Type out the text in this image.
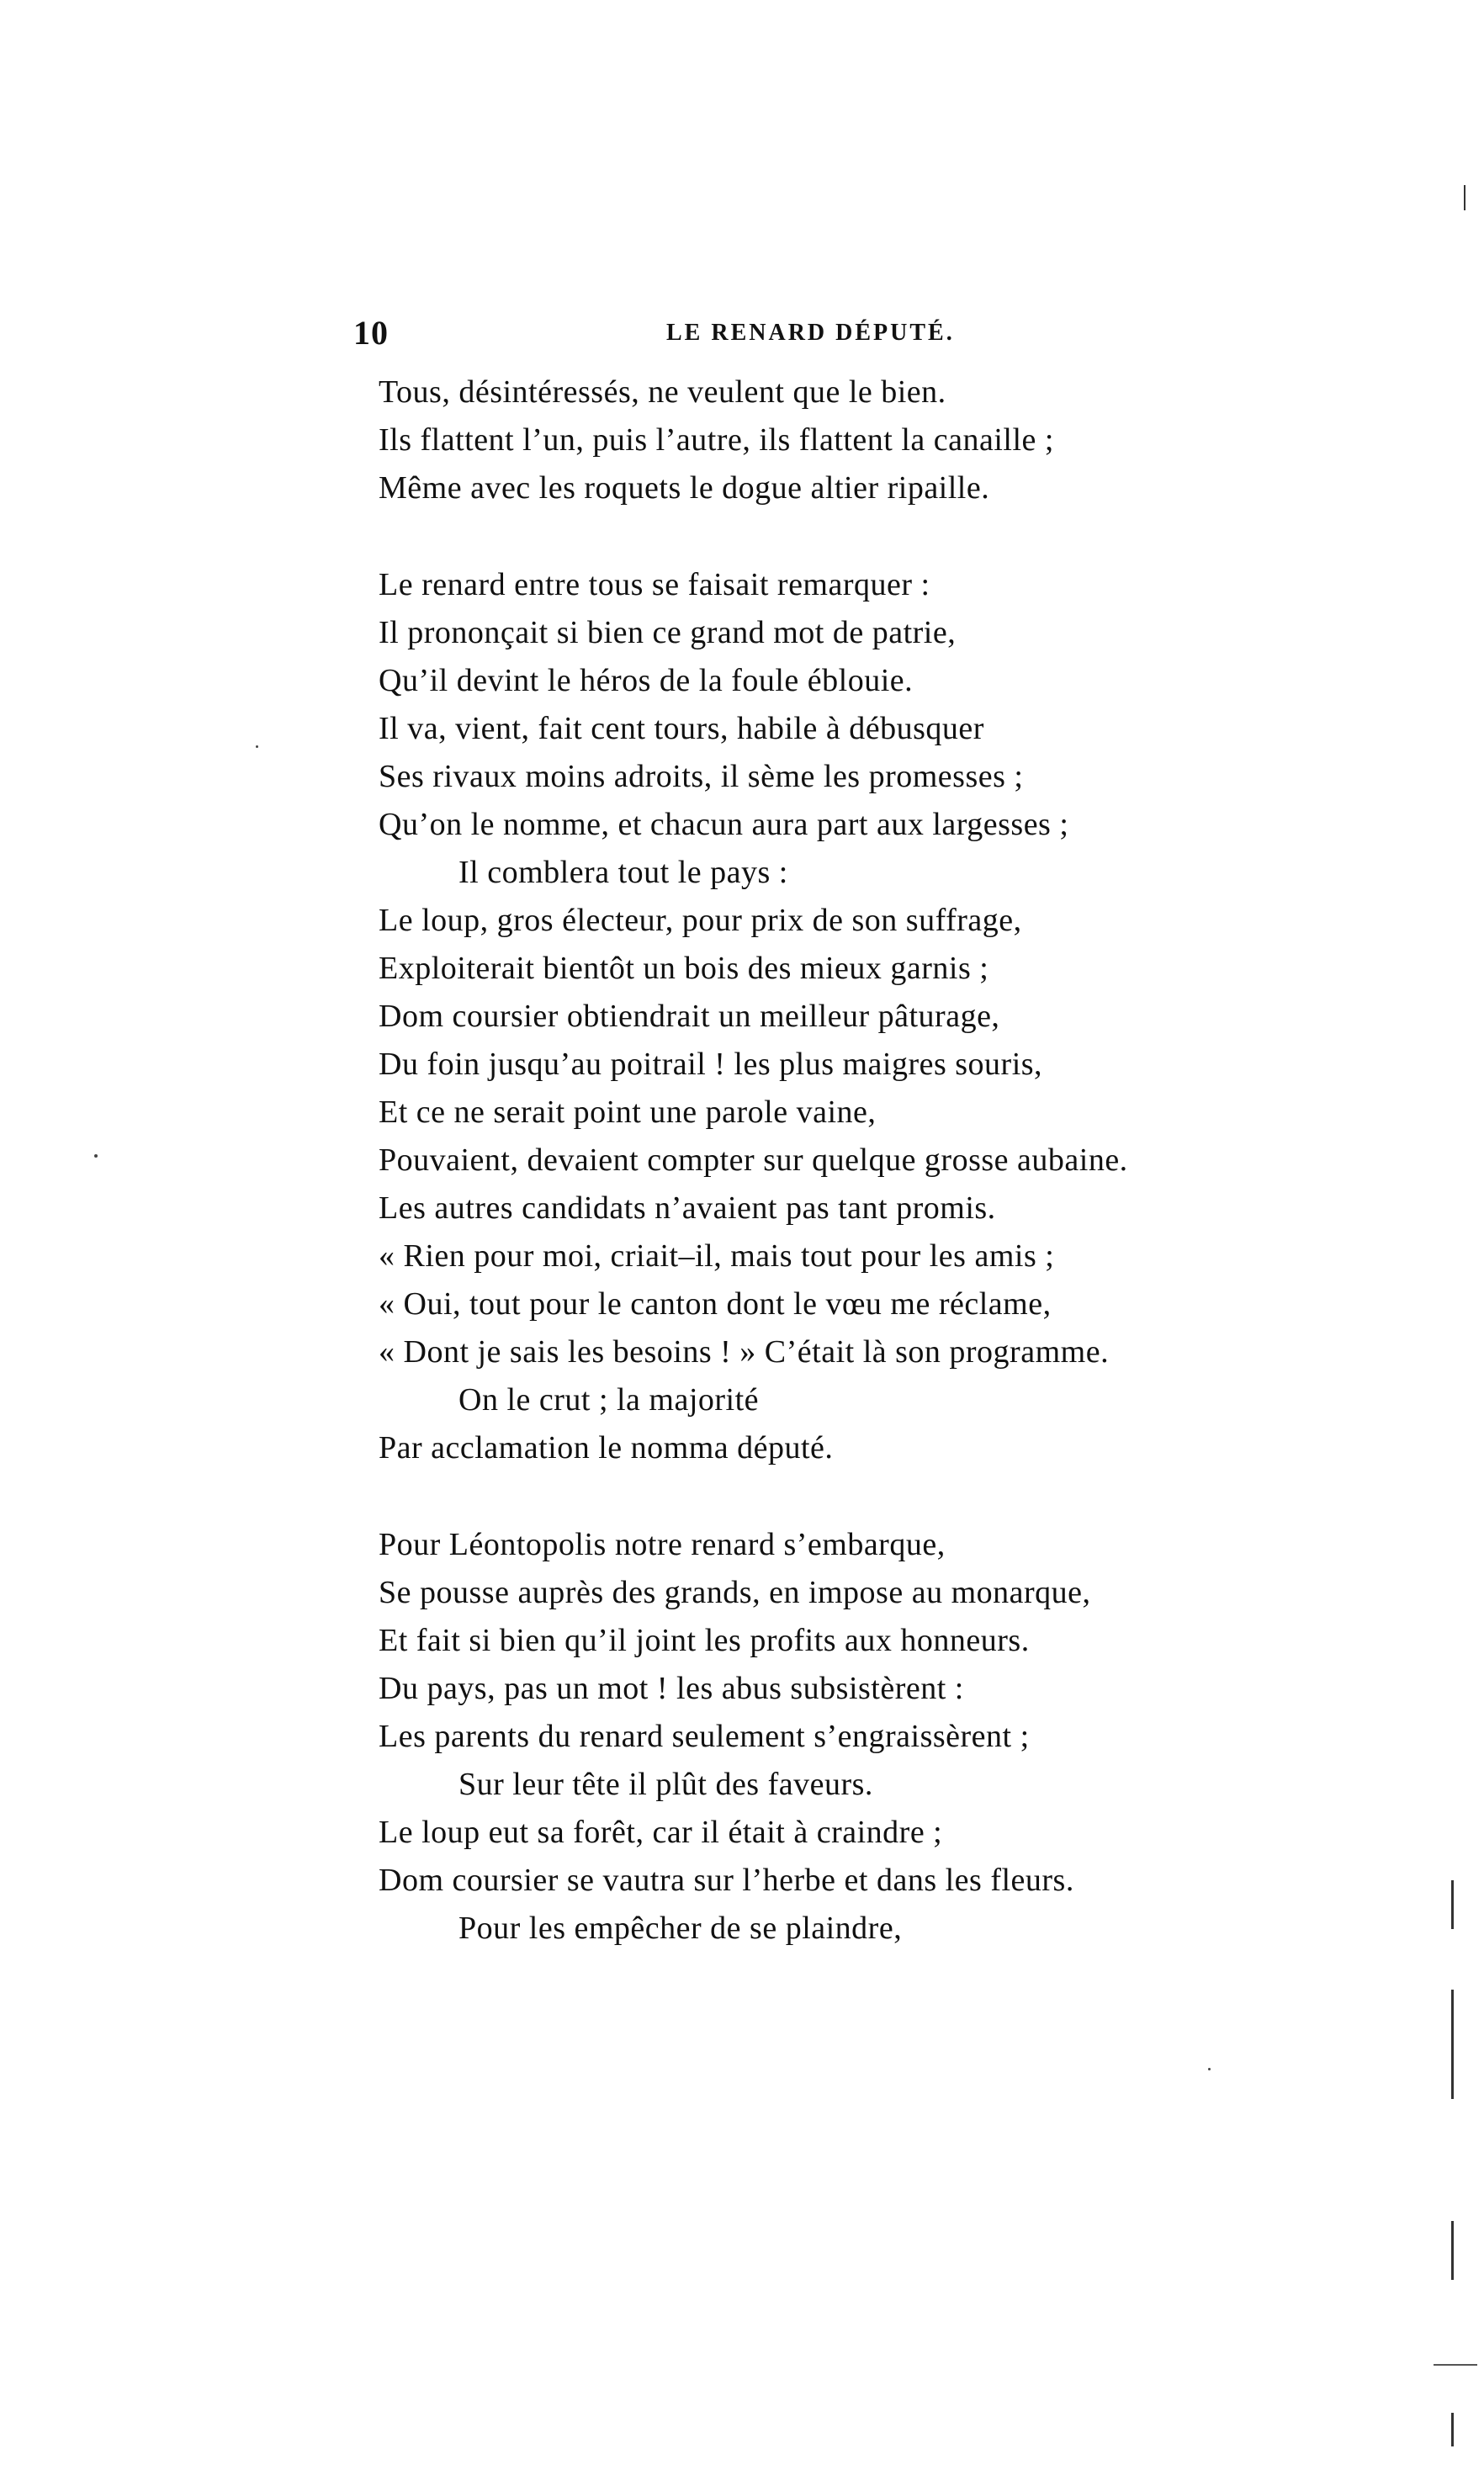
10	LE RENARD DÉPUTÉ.
Tous, désintéressés, ne veulent que le bien.
Ils flattent l’un, puis l’autre, ils flattent la canaille ;
Même avec les roquets le dogue altier ripaille.
Le renard entre tous se faisait remarquer :
Il prononçait si bien ce grand mot de patrie,
Qu’il devint le héros de la foule éblouie.
Il va, vient, fait cent tours, habile à débusquer
Ses rivaux moins adroits, il sème les promesses ;
Qu’on le nomme, et chacun aura part aux largesses ;
Il comblera tout le pays :
Le loup, gros électeur, pour prix de son suffrage,
Exploiterait bientôt un bois des mieux garnis ;
Dom coursier obtiendrait un meilleur pâturage,
Du foin jusqu’au poitrail ! les plus maigres souris,
Et ce ne serait point une parole vaine,
Pouvaient, devaient compter sur quelque grosse aubaine.
Les autres candidats n’avaient pas tant promis.
« Rien pour moi, criait–il, mais tout pour les amis ;
« Oui, tout pour le canton dont le vœu me réclame,
« Dont je sais les besoins ! » C’était là son programme.
On le crut ; la majorité
Par acclamation le nomma député.
Pour Léontopolis notre renard s’embarque,
Se pousse auprès des grands, en impose au monarque,
Et fait si bien qu’il joint les profits aux honneurs.
Du pays, pas un mot ! les abus subsistèrent :
Les parents du renard seulement s’engraissèrent ;
Sur leur tête il plût des faveurs.
Le loup eut sa forêt, car il était à craindre ;
Dom coursier se vautra sur l’herbe et dans les fleurs.
Pour les empêcher de se plaindre,
